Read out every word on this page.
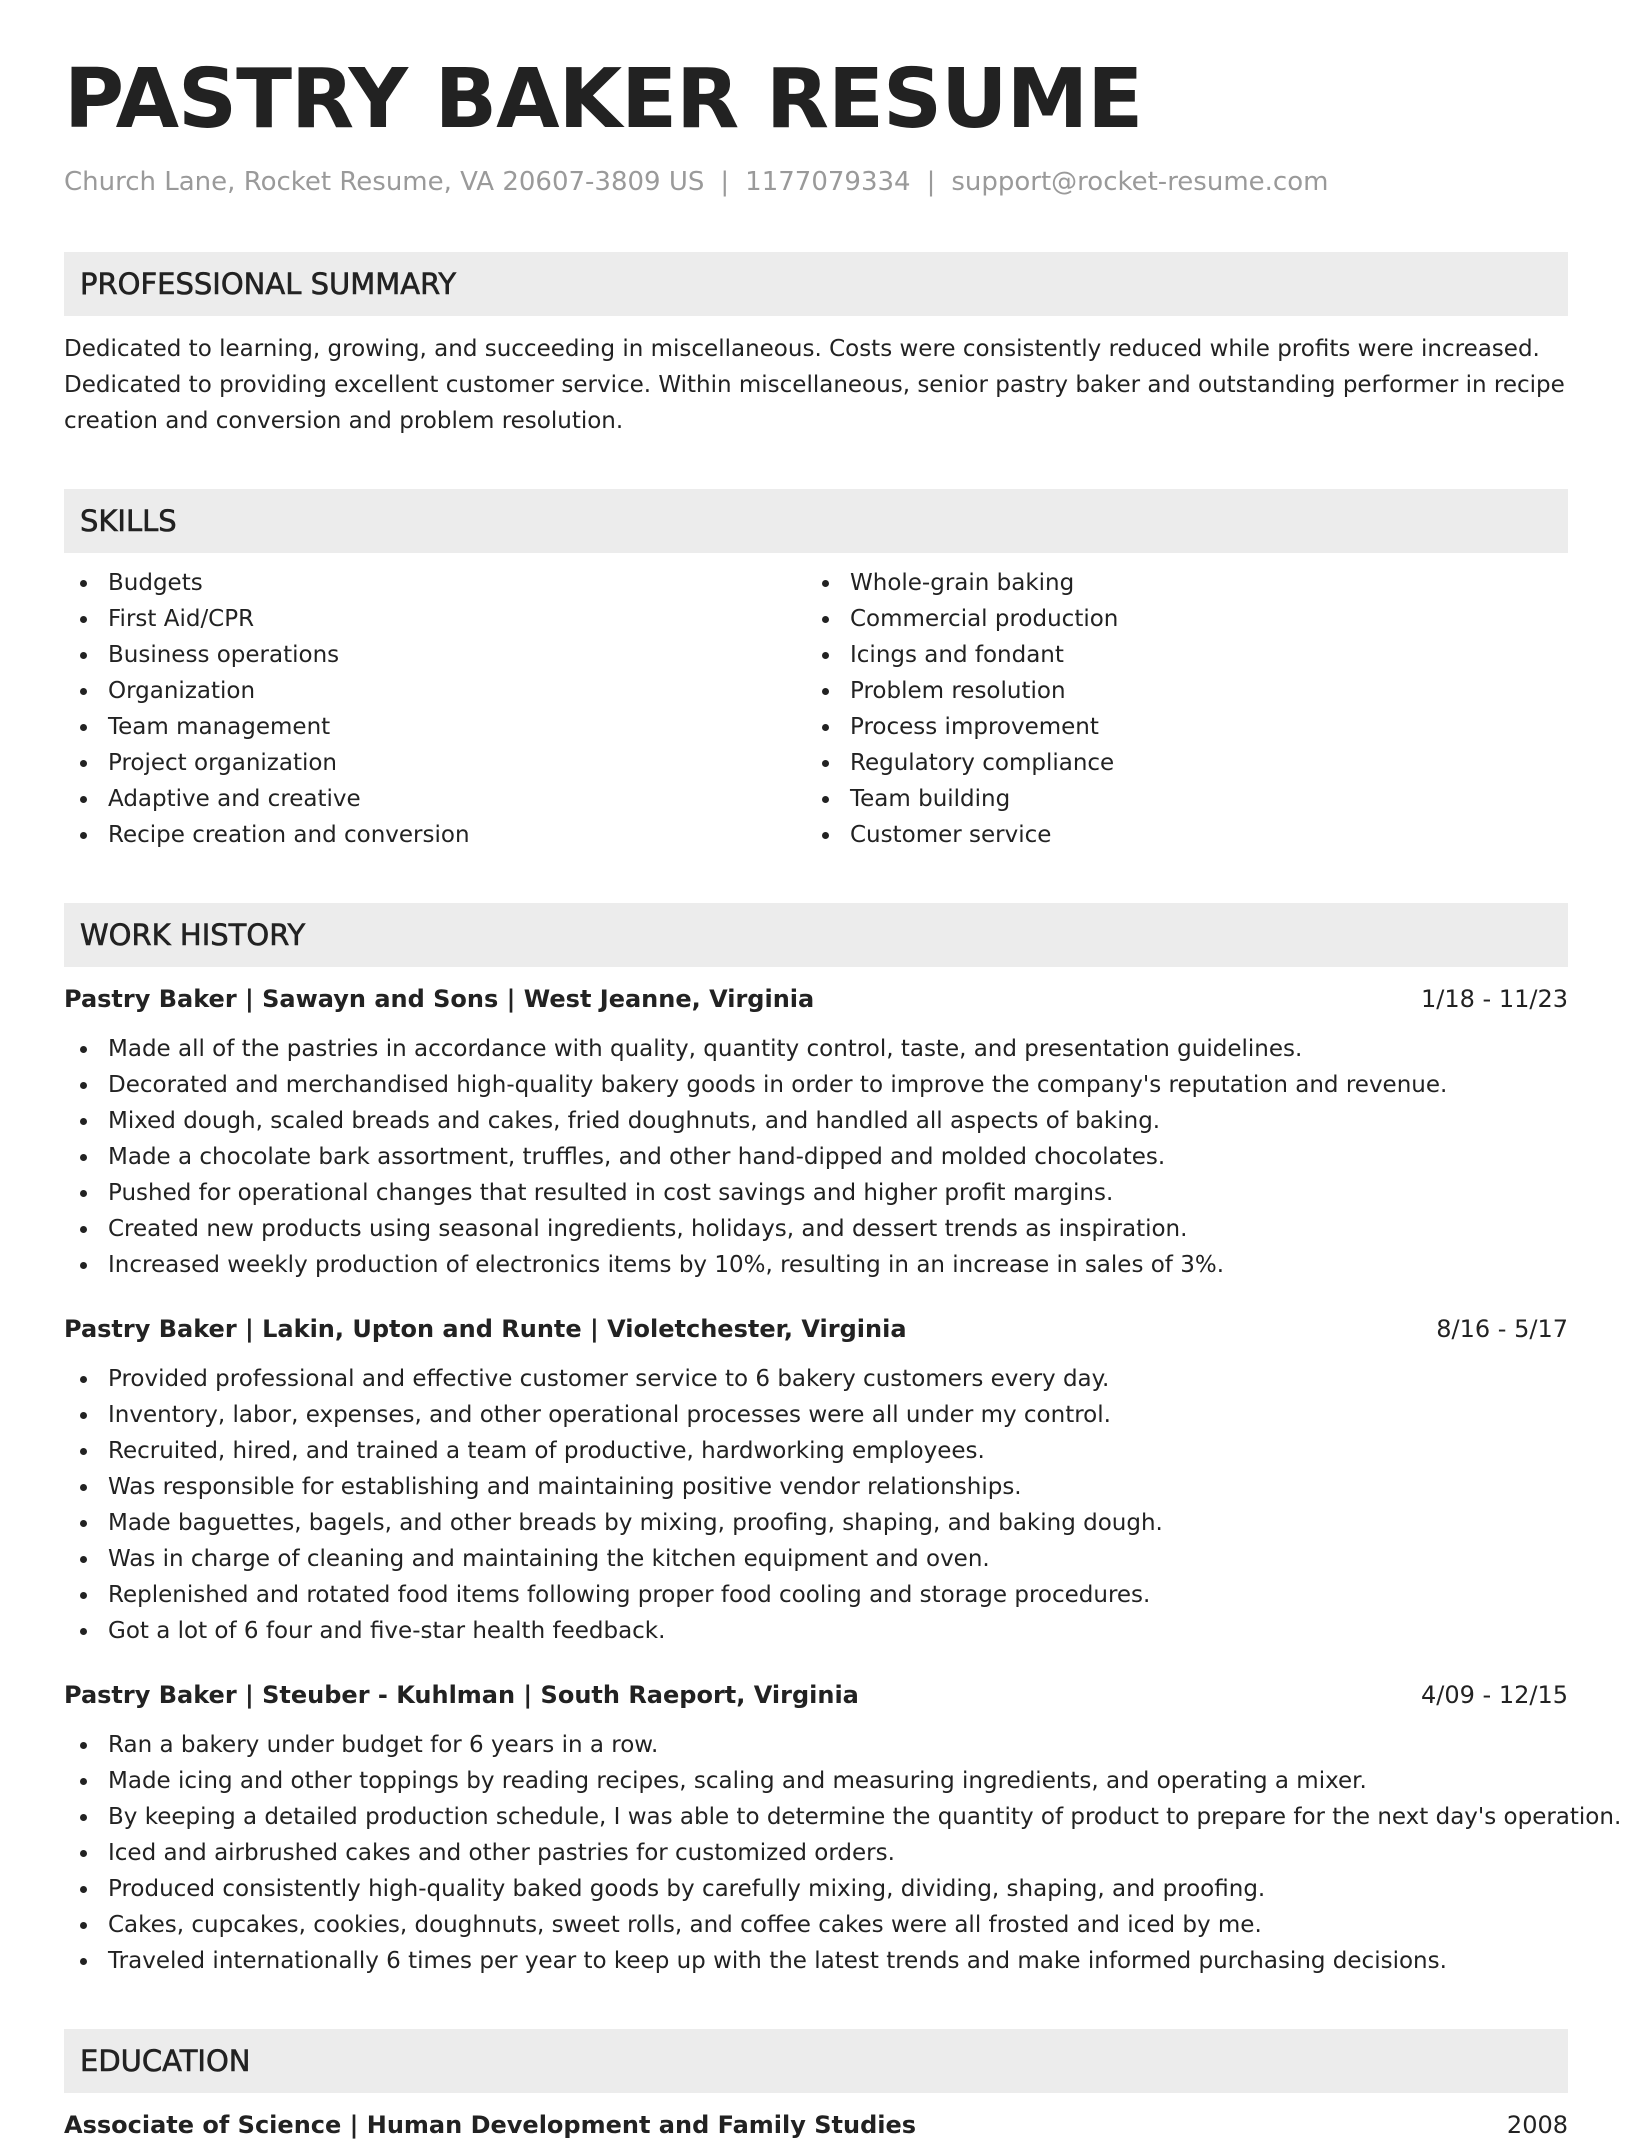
PASTRY BAKER RESUME
Church Lane, Rocket Resume, VA 20607-3809 US | 1177079334 | support@rocket-resume.com
PROFESSIONAL SUMMARY
Dedicated to learning, growing, and succeeding in miscellaneous. Costs were consistently reduced while profits were increased. Dedicated to providing excellent customer service. Within miscellaneous, senior pastry baker and outstanding performer in recipe creation and conversion and problem resolution.
SKILLS
Budgets
First Aid/CPR
Business operations
Organization
Team management
Project organization
Adaptive and creative
Recipe creation and conversion
Whole-grain baking
Commercial production
Icings and fondant
Problem resolution
Process improvement
Regulatory compliance
Team building
Customer service
WORK HISTORY
Pastry Baker | Sawayn and Sons | West Jeanne, Virginia	1/18 - 11/23
Made all of the pastries in accordance with quality, quantity control, taste, and presentation guidelines.
Decorated and merchandised high-quality bakery goods in order to improve the company's reputation and revenue.
Mixed dough, scaled breads and cakes, fried doughnuts, and handled all aspects of baking.
Made a chocolate bark assortment, truffles, and other hand-dipped and molded chocolates.
Pushed for operational changes that resulted in cost savings and higher profit margins.
Created new products using seasonal ingredients, holidays, and dessert trends as inspiration.
Increased weekly production of electronics items by 10%, resulting in an increase in sales of 3%.
Pastry Baker | Lakin, Upton and Runte | Violetchester, Virginia	8/16 - 5/17
Provided professional and effective customer service to 6 bakery customers every day.
Inventory, labor, expenses, and other operational processes were all under my control.
Recruited, hired, and trained a team of productive, hardworking employees.
Was responsible for establishing and maintaining positive vendor relationships.
Made baguettes, bagels, and other breads by mixing, proofing, shaping, and baking dough.
Was in charge of cleaning and maintaining the kitchen equipment and oven.
Replenished and rotated food items following proper food cooling and storage procedures.
Got a lot of 6 four and five-star health feedback.
Pastry Baker | Steuber - Kuhlman | South Raeport, Virginia	4/09 - 12/15
Ran a bakery under budget for 6 years in a row.
Made icing and other toppings by reading recipes, scaling and measuring ingredients, and operating a mixer.
By keeping a detailed production schedule, I was able to determine the quantity of product to prepare for the next day's operation.
Iced and airbrushed cakes and other pastries for customized orders.
Produced consistently high-quality baked goods by carefully mixing, dividing, shaping, and proofing.
Cakes, cupcakes, cookies, doughnuts, sweet rolls, and coffee cakes were all frosted and iced by me.
Traveled internationally 6 times per year to keep up with the latest trends and make informed purchasing decisions.
EDUCATION
Associate of Science | Human Development and Family Studies	2008
